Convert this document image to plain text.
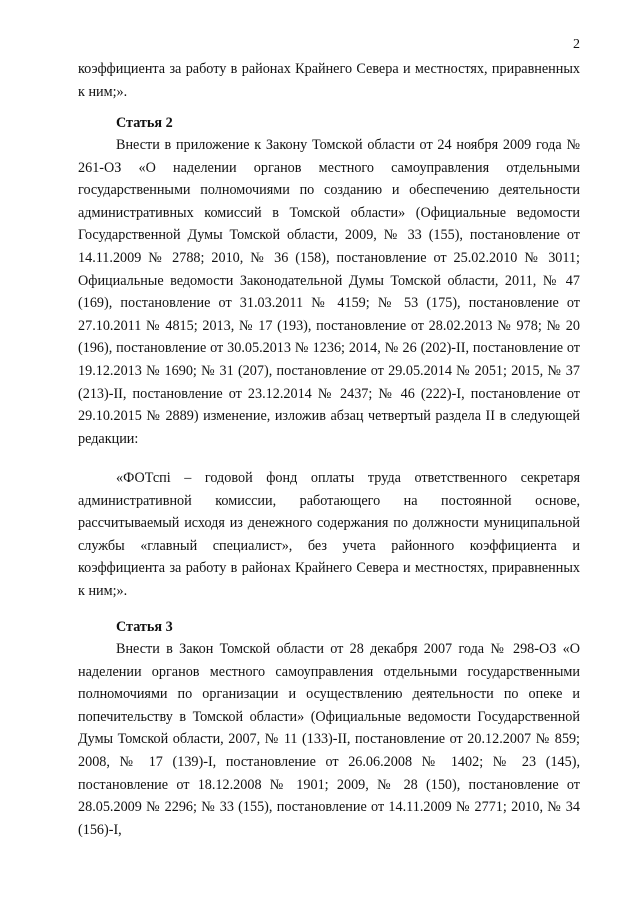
2

коэффициента за работу в районах Крайнего Севера и местностях, приравненных к ним;».

Статья 2

Внести в приложение к Закону Томской области от 24 ноября 2009 года № 261-ОЗ «О наделении органов местного самоуправления отдельными государственными полномочиями по созданию и обеспечению деятельности административных комиссий в Томской области» (Официальные ведомости Государственной Думы Томской области, 2009, № 33 (155), постановление от 14.11.2009 № 2788; 2010, № 36 (158), постановление от 25.02.2010 № 3011; Официальные ведомости Законодательной Думы Томской области, 2011, № 47 (169), постановление от 31.03.2011 № 4159; № 53 (175), постановление от 27.10.2011 № 4815; 2013, № 17 (193), постановление от 28.02.2013 № 978; № 20 (196), постановление от 30.05.2013 № 1236; 2014, № 26 (202)-II, постановление от 19.12.2013 № 1690; № 31 (207), постановление от 29.05.2014 № 2051; 2015, № 37 (213)-II, постановление от 23.12.2014 № 2437; № 46 (222)-I, постановление от 29.10.2015 № 2889) изменение, изложив абзац четвертый раздела II в следующей редакции:

«ФОТспi – годовой фонд оплаты труда ответственного секретаря административной комиссии, работающего на постоянной основе, рассчитываемый исходя из денежного содержания по должности муниципальной службы «главный специалист», без учета районного коэффициента и коэффициента за работу в районах Крайнего Севера и местностях, приравненных к ним;».

Статья 3

Внести в Закон Томской области от 28 декабря 2007 года № 298-ОЗ «О наделении органов местного самоуправления отдельными государственными полномочиями по организации и осуществлению деятельности по опеке и попечительству в Томской области» (Официальные ведомости Государственной Думы Томской области, 2007, № 11 (133)-II, постановление от 20.12.2007 № 859; 2008, № 17 (139)-I, постановление от 26.06.2008 № 1402; № 23 (145), постановление от 18.12.2008 № 1901; 2009, № 28 (150), постановление от 28.05.2009 № 2296; № 33 (155), постановление от 14.11.2009 № 2771; 2010, № 34 (156)-I,
